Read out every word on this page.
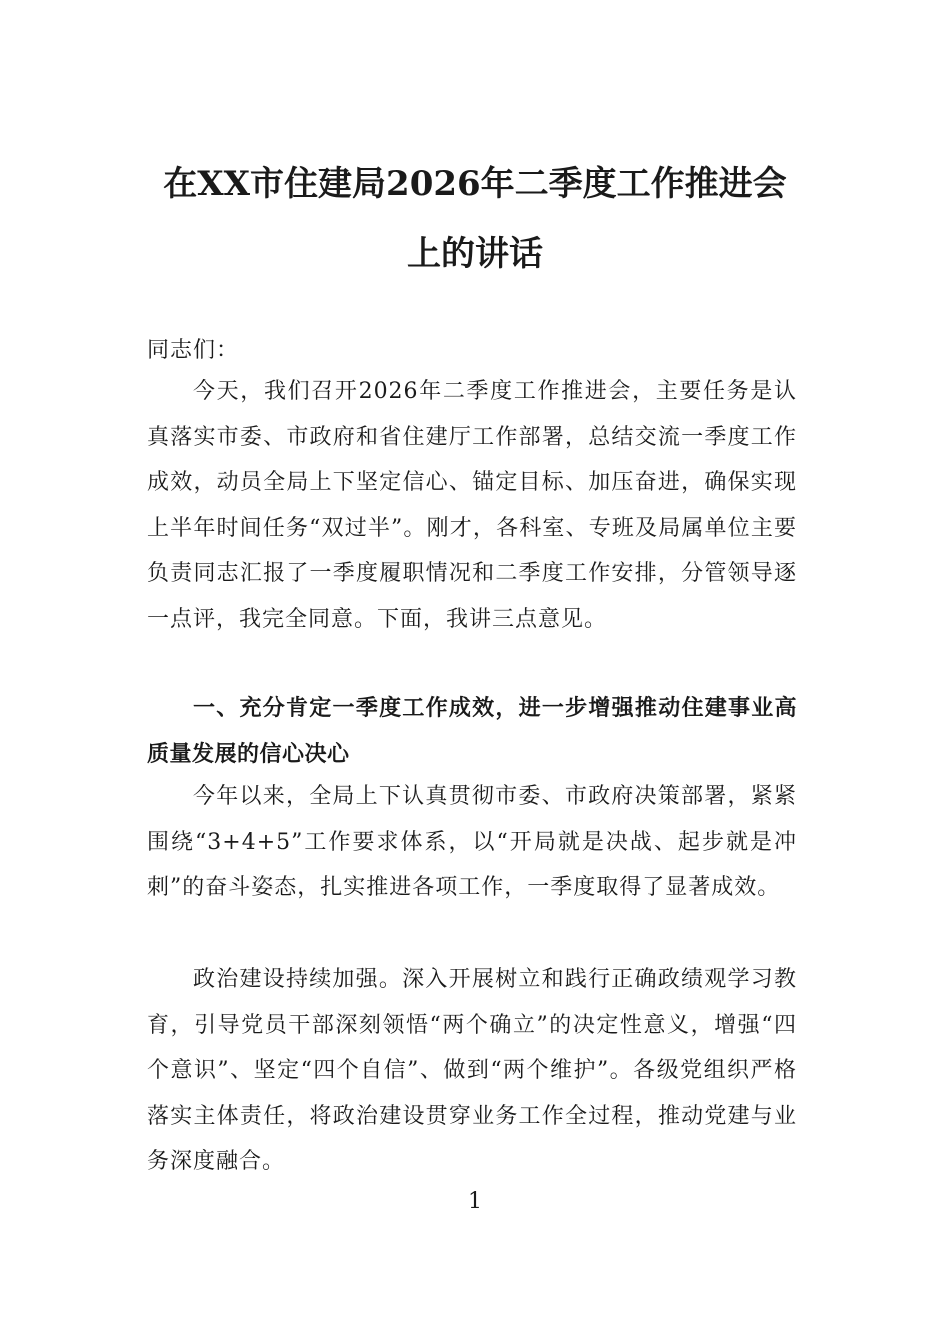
在XX市住建局2026年二季度工作推进会
上的讲话

同志们：

今天，我们召开2026年二季度工作推进会，主要任务是认真落实市委、市政府和省住建厅工作部署，总结交流一季度工作成效，动员全局上下坚定信心、锚定目标、加压奋进，确保实现上半年时间任务“双过半”。刚才，各科室、专班及局属单位主要负责同志汇报了一季度履职情况和二季度工作安排，分管领导逐一点评，我完全同意。下面，我讲三点意见。

一、充分肯定一季度工作成效，进一步增强推动住建事业高质量发展的信心决心

今年以来，全局上下认真贯彻市委、市政府决策部署，紧紧围绕“3+4+5”工作要求体系，以“开局就是决战、起步就是冲刺”的奋斗姿态，扎实推进各项工作，一季度取得了显著成效。

政治建设持续加强。深入开展树立和践行正确政绩观学习教育，引导党员干部深刻领悟“两个确立”的决定性意义，增强“四个意识”、坚定“四个自信”、做到“两个维护”。各级党组织严格落实主体责任，将政治建设贯穿业务工作全过程，推动党建与业务深度融合。

1
